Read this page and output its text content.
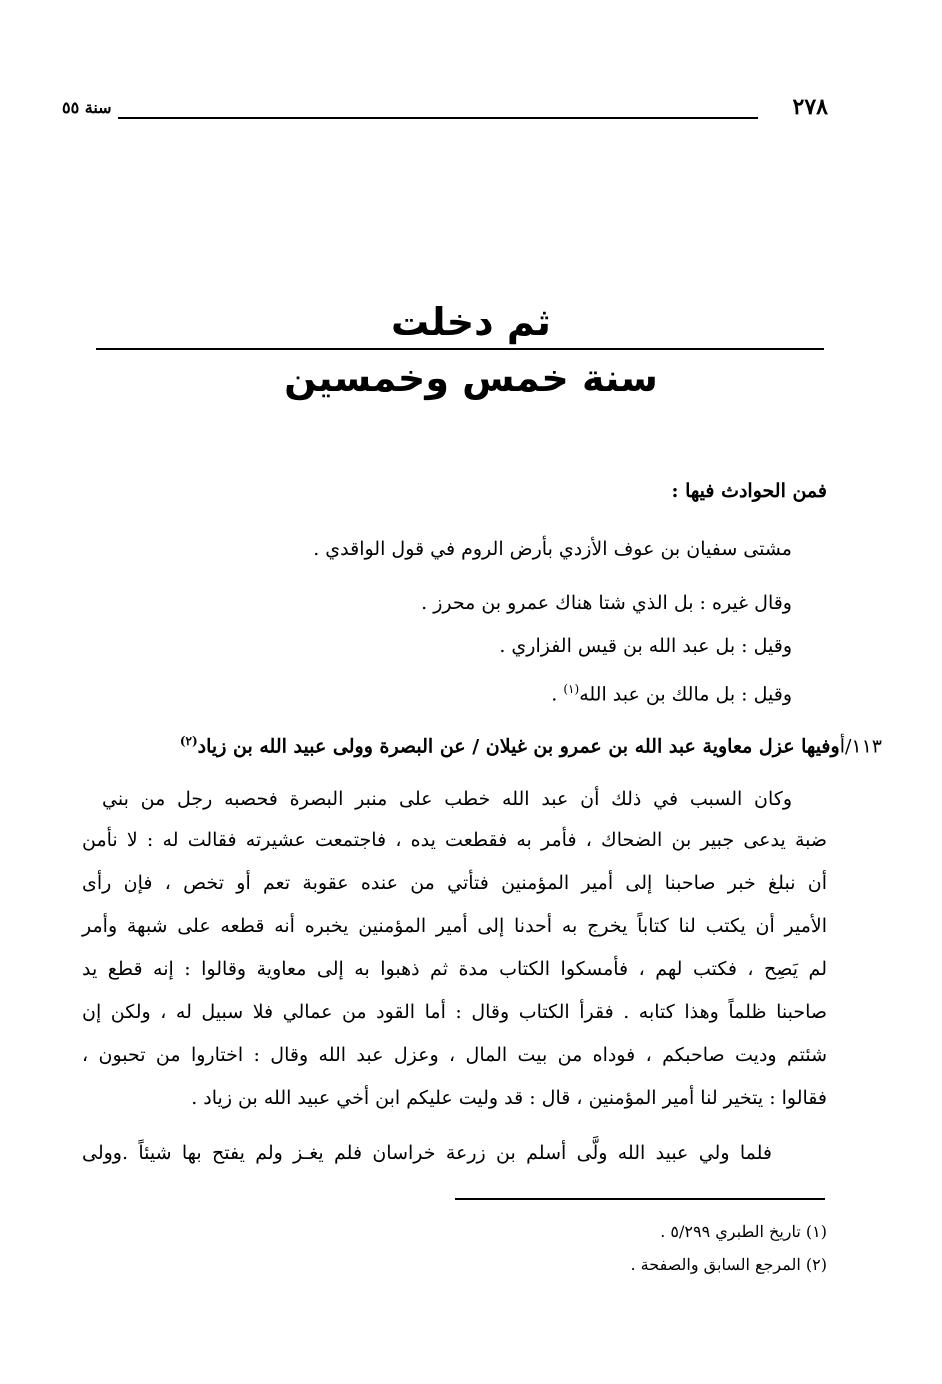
٢٧٨
سنة ٥٥
ثم دخلت
سنة خمس وخمسين
فمن الحوادث فيها :
مشتى سفيان بن عوف الأزدي بأرض الروم في قول الواقدي .
وقال غيره : بل الذي شتا هناك عمرو بن محرز .
وقيل : بل عبد الله بن قيس الفزاري .
وقيل : بل مالك بن عبد الله$^{(١)}$ .
١١٣/أوفيها عزل معاوية عبد الله بن عمرو بن غيلان / عن البصرة وولى عبيد الله بن زياد$^{(٢)}$
وكان السبب في ذلك أن عبد الله خطب على منبر البصرة فحصبه رجل من بني
ضبة يدعى جبير بن الضحاك ، فأمر به فقطعت يده ، فاجتمعت عشيرته فقالت له : لا نأمن
أن نبلغ خبر صاحبنا إلى أمير المؤمنين فتأتي من عنده عقوبة تعم أو تخص ، فإن رأى
الأمير أن يكتب لنا كتاباً يخرج به أحدنا إلى أمير المؤمنين يخبره أنه قطعه على شبهة وأمر
لم يَصِح ، فكتب لهم ، فأمسكوا الكتاب مدة ثم ذهبوا به إلى معاوية وقالوا : إنه قطع يد
صاحبنا ظلماً وهذا كتابه . فقرأ الكتاب وقال : أما القود من عمالي فلا سبيل له ، ولكن إن
شئتم وديت صاحبكم ، فوداه من بيت المال ، وعزل عبد الله وقال : اختاروا من تحبون ،
فقالوا : يتخير لنا أمير المؤمنين ، قال : قد وليت عليكم ابن أخي عبيد الله بن زياد .
فلما ولي عبيد الله ولَّى أسلم بن زرعة خراسان فلم يغـز ولم يفتح بها شيئاً .وولى
(١) تاريخ الطبري ٥/٢٩٩ .
(٢) المرجع السابق والصفحة .
